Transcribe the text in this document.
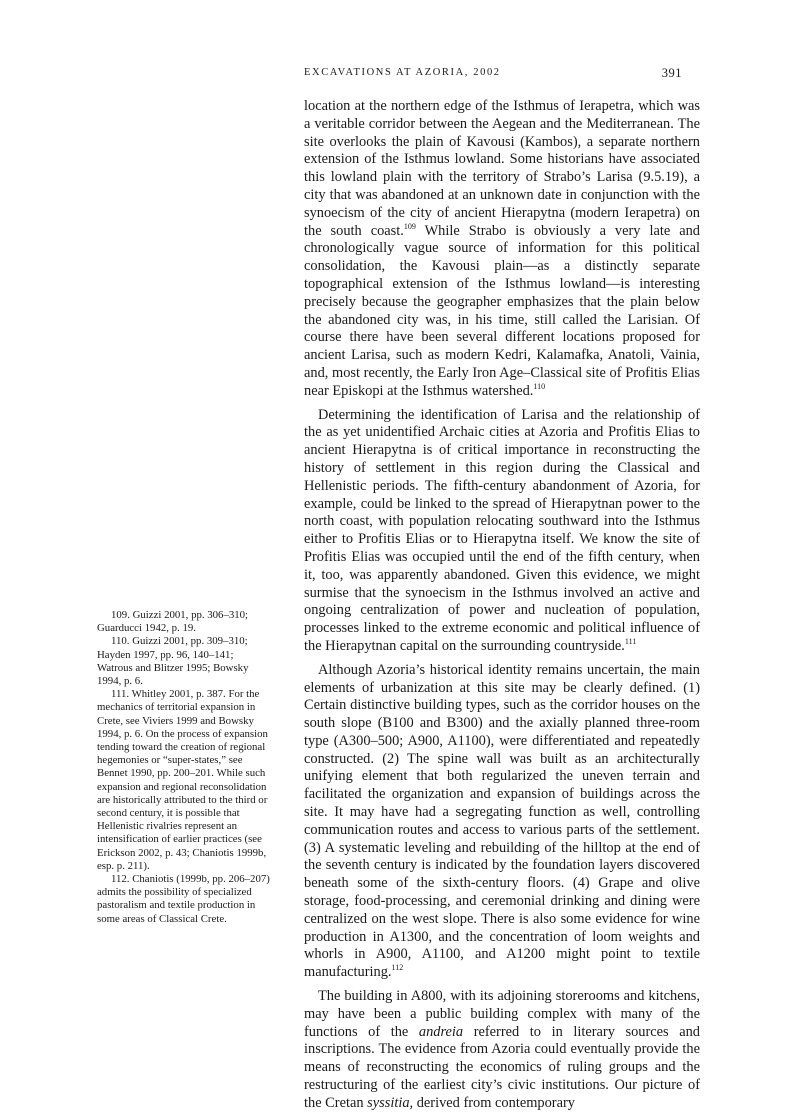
EXCAVATIONS AT AZORIA, 2002	391

location at the northern edge of the Isthmus of Ierapetra, which was a veritable corridor between the Aegean and the Mediterranean. The site overlooks the plain of Kavousi (Kambos), a separate northern extension of the Isthmus lowland. Some historians have associated this lowland plain with the territory of Strabo’s Larisa (9.5.19), a city that was abandoned at an unknown date in conjunction with the synoecism of the city of ancient Hierapytna (modern Ierapetra) on the south coast.$^{109}$ While Strabo is obviously a very late and chronologically vague source of information for this political consolidation, the Kavousi plain—as a distinctly separate topographical extension of the Isthmus lowland—is interesting precisely because the geographer emphasizes that the plain below the abandoned city was, in his time, still called the Larisian. Of course there have been several different locations proposed for ancient Larisa, such as modern Kedri, Kalamafka, Anatoli, Vainia, and, most recently, the Early Iron Age–Classical site of Profitis Elias near Episkopi at the Isthmus watershed.$^{110}$

Determining the identification of Larisa and the relationship of the as yet unidentified Archaic cities at Azoria and Profitis Elias to ancient Hierapytna is of critical importance in reconstructing the history of settlement in this region during the Classical and Hellenistic periods. The fifth-century abandonment of Azoria, for example, could be linked to the spread of Hierapytnan power to the north coast, with population relocating southward into the Isthmus either to Profitis Elias or to Hierapytna itself. We know the site of Profitis Elias was occupied until the end of the fifth century, when it, too, was apparently abandoned. Given this evidence, we might surmise that the synoecism in the Isthmus involved an active and ongoing centralization of power and nucleation of population, processes linked to the extreme economic and political influence of the Hierapytnan capital on the surrounding countryside.$^{111}$

Although Azoria’s historical identity remains uncertain, the main elements of urbanization at this site may be clearly defined. (1) Certain distinctive building types, such as the corridor houses on the south slope (B100 and B300) and the axially planned three-room type (A300–500; A900, A1100), were differentiated and repeatedly constructed. (2) The spine wall was built as an architecturally unifying element that both regularized the uneven terrain and facilitated the organization and expansion of buildings across the site. It may have had a segregating function as well, controlling communication routes and access to various parts of the settlement. (3) A systematic leveling and rebuilding of the hilltop at the end of the seventh century is indicated by the foundation layers discovered beneath some of the sixth-century floors. (4) Grape and olive storage, food-processing, and ceremonial drinking and dining were centralized on the west slope. There is also some evidence for wine production in A1300, and the concentration of loom weights and whorls in A900, A1100, and A1200 might point to textile manufacturing.$^{112}$

The building in A800, with its adjoining storerooms and kitchens, may have been a public building complex with many of the functions of the andreia referred to in literary sources and inscriptions. The evidence from Azoria could eventually provide the means of reconstructing the economics of ruling groups and the restructuring of the earliest city’s civic institutions. Our picture of the Cretan syssitia, derived from contemporary

109. Guizzi 2001, pp. 306–310; Guarducci 1942, p. 19.

110. Guizzi 2001, pp. 309–310; Hayden 1997, pp. 96, 140–141; Watrous and Blitzer 1995; Bowsky 1994, p. 6.

111. Whitley 2001, p. 387. For the mechanics of territorial expansion in Crete, see Viviers 1999 and Bowsky 1994, p. 6. On the process of expansion tending toward the creation of regional hegemonies or “super-states,” see Bennet 1990, pp. 200–201. While such expansion and regional reconsolidation are historically attributed to the third or second century, it is possible that Hellenistic rivalries represent an intensification of earlier practices (see Erickson 2002, p. 43; Chaniotis 1999b, esp. p. 211).

112. Chaniotis (1999b, pp. 206–207) admits the possibility of specialized pastoralism and textile production in some areas of Classical Crete.
